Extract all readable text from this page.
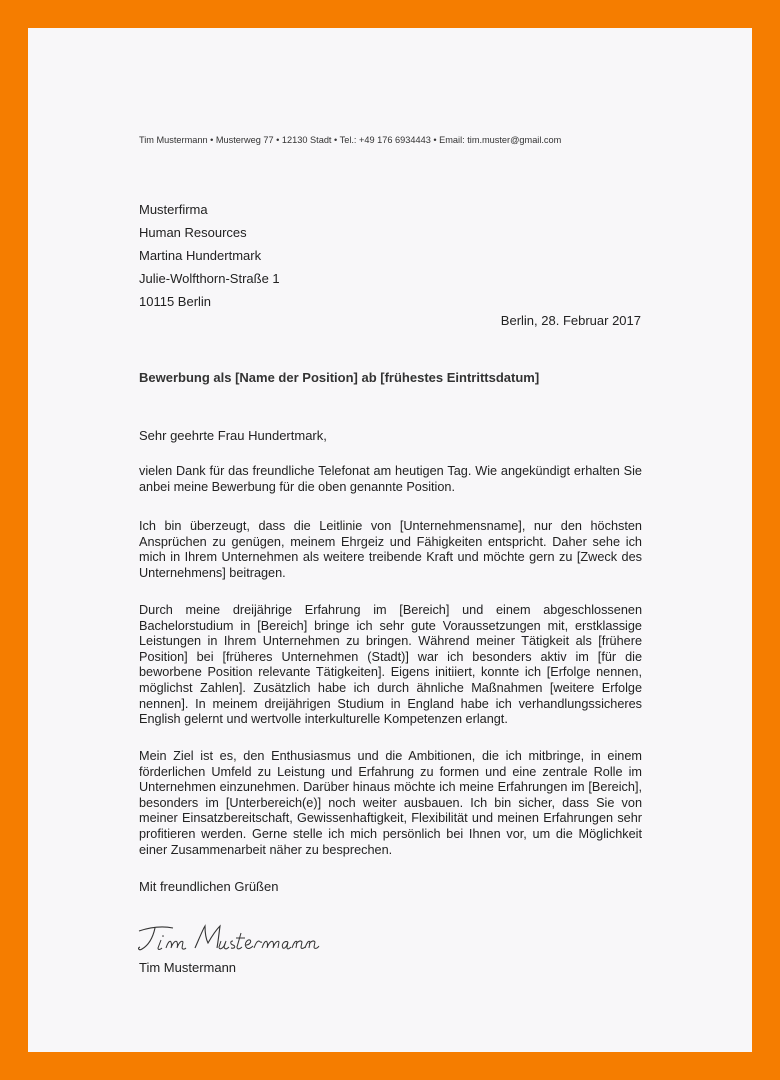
Tim Mustermann • Musterweg 77 • 12130 Stadt • Tel.: +49 176 6934443 • Email: tim.muster@gmail.com
Musterfirma
Human Resources
Martina Hundertmark
Julie-Wolfthorn-Straße 1
10115 Berlin
Berlin, 28. Februar 2017
Bewerbung als [Name der Position] ab [frühestes Eintrittsdatum]
Sehr geehrte Frau Hundertmark,
vielen Dank für das freundliche Telefonat am heutigen Tag. Wie angekündigt erhalten Sie anbei meine Bewerbung für die oben genannte Position.
Ich bin überzeugt, dass die Leitlinie von [Unternehmensname], nur den höchsten Ansprüchen zu genügen, meinem Ehrgeiz und Fähigkeiten entspricht. Daher sehe ich mich in Ihrem Unternehmen als weitere treibende Kraft und möchte gern zu [Zweck des Unternehmens] beitragen.
Durch meine dreijährige Erfahrung im [Bereich] und einem abgeschlossenen Bachelorstudium in [Bereich] bringe ich sehr gute Voraussetzungen mit, erstklassige Leistungen in Ihrem Unternehmen zu bringen. Während meiner Tätigkeit als [frühere Position] bei [früheres Unternehmen (Stadt)] war ich besonders aktiv im [für die beworbene Position relevante Tätigkeiten]. Eigens initiiert, konnte ich [Erfolge nennen, möglichst Zahlen]. Zusätzlich habe ich durch ähnliche Maßnahmen [weitere Erfolge nennen]. In meinem dreijährigen Studium in England habe ich verhandlungssicheres English gelernt und wertvolle interkulturelle Kompetenzen erlangt.
Mein Ziel ist es, den Enthusiasmus und die Ambitionen, die ich mitbringe, in einem förderlichen Umfeld zu Leistung und Erfahrung zu formen und eine zentrale Rolle im Unternehmen einzunehmen. Darüber hinaus möchte ich meine Erfahrungen im [Bereich], besonders im [Unterbereich(e)] noch weiter ausbauen. Ich bin sicher, dass Sie von meiner Einsatzbereitschaft, Gewissenhaftigkeit, Flexibilität und meinen Erfahrungen sehr profitieren werden. Gerne stelle ich mich persönlich bei Ihnen vor, um die Möglichkeit einer Zusammenarbeit näher zu besprechen.
Mit freundlichen Grüßen
Tim Mustermann
